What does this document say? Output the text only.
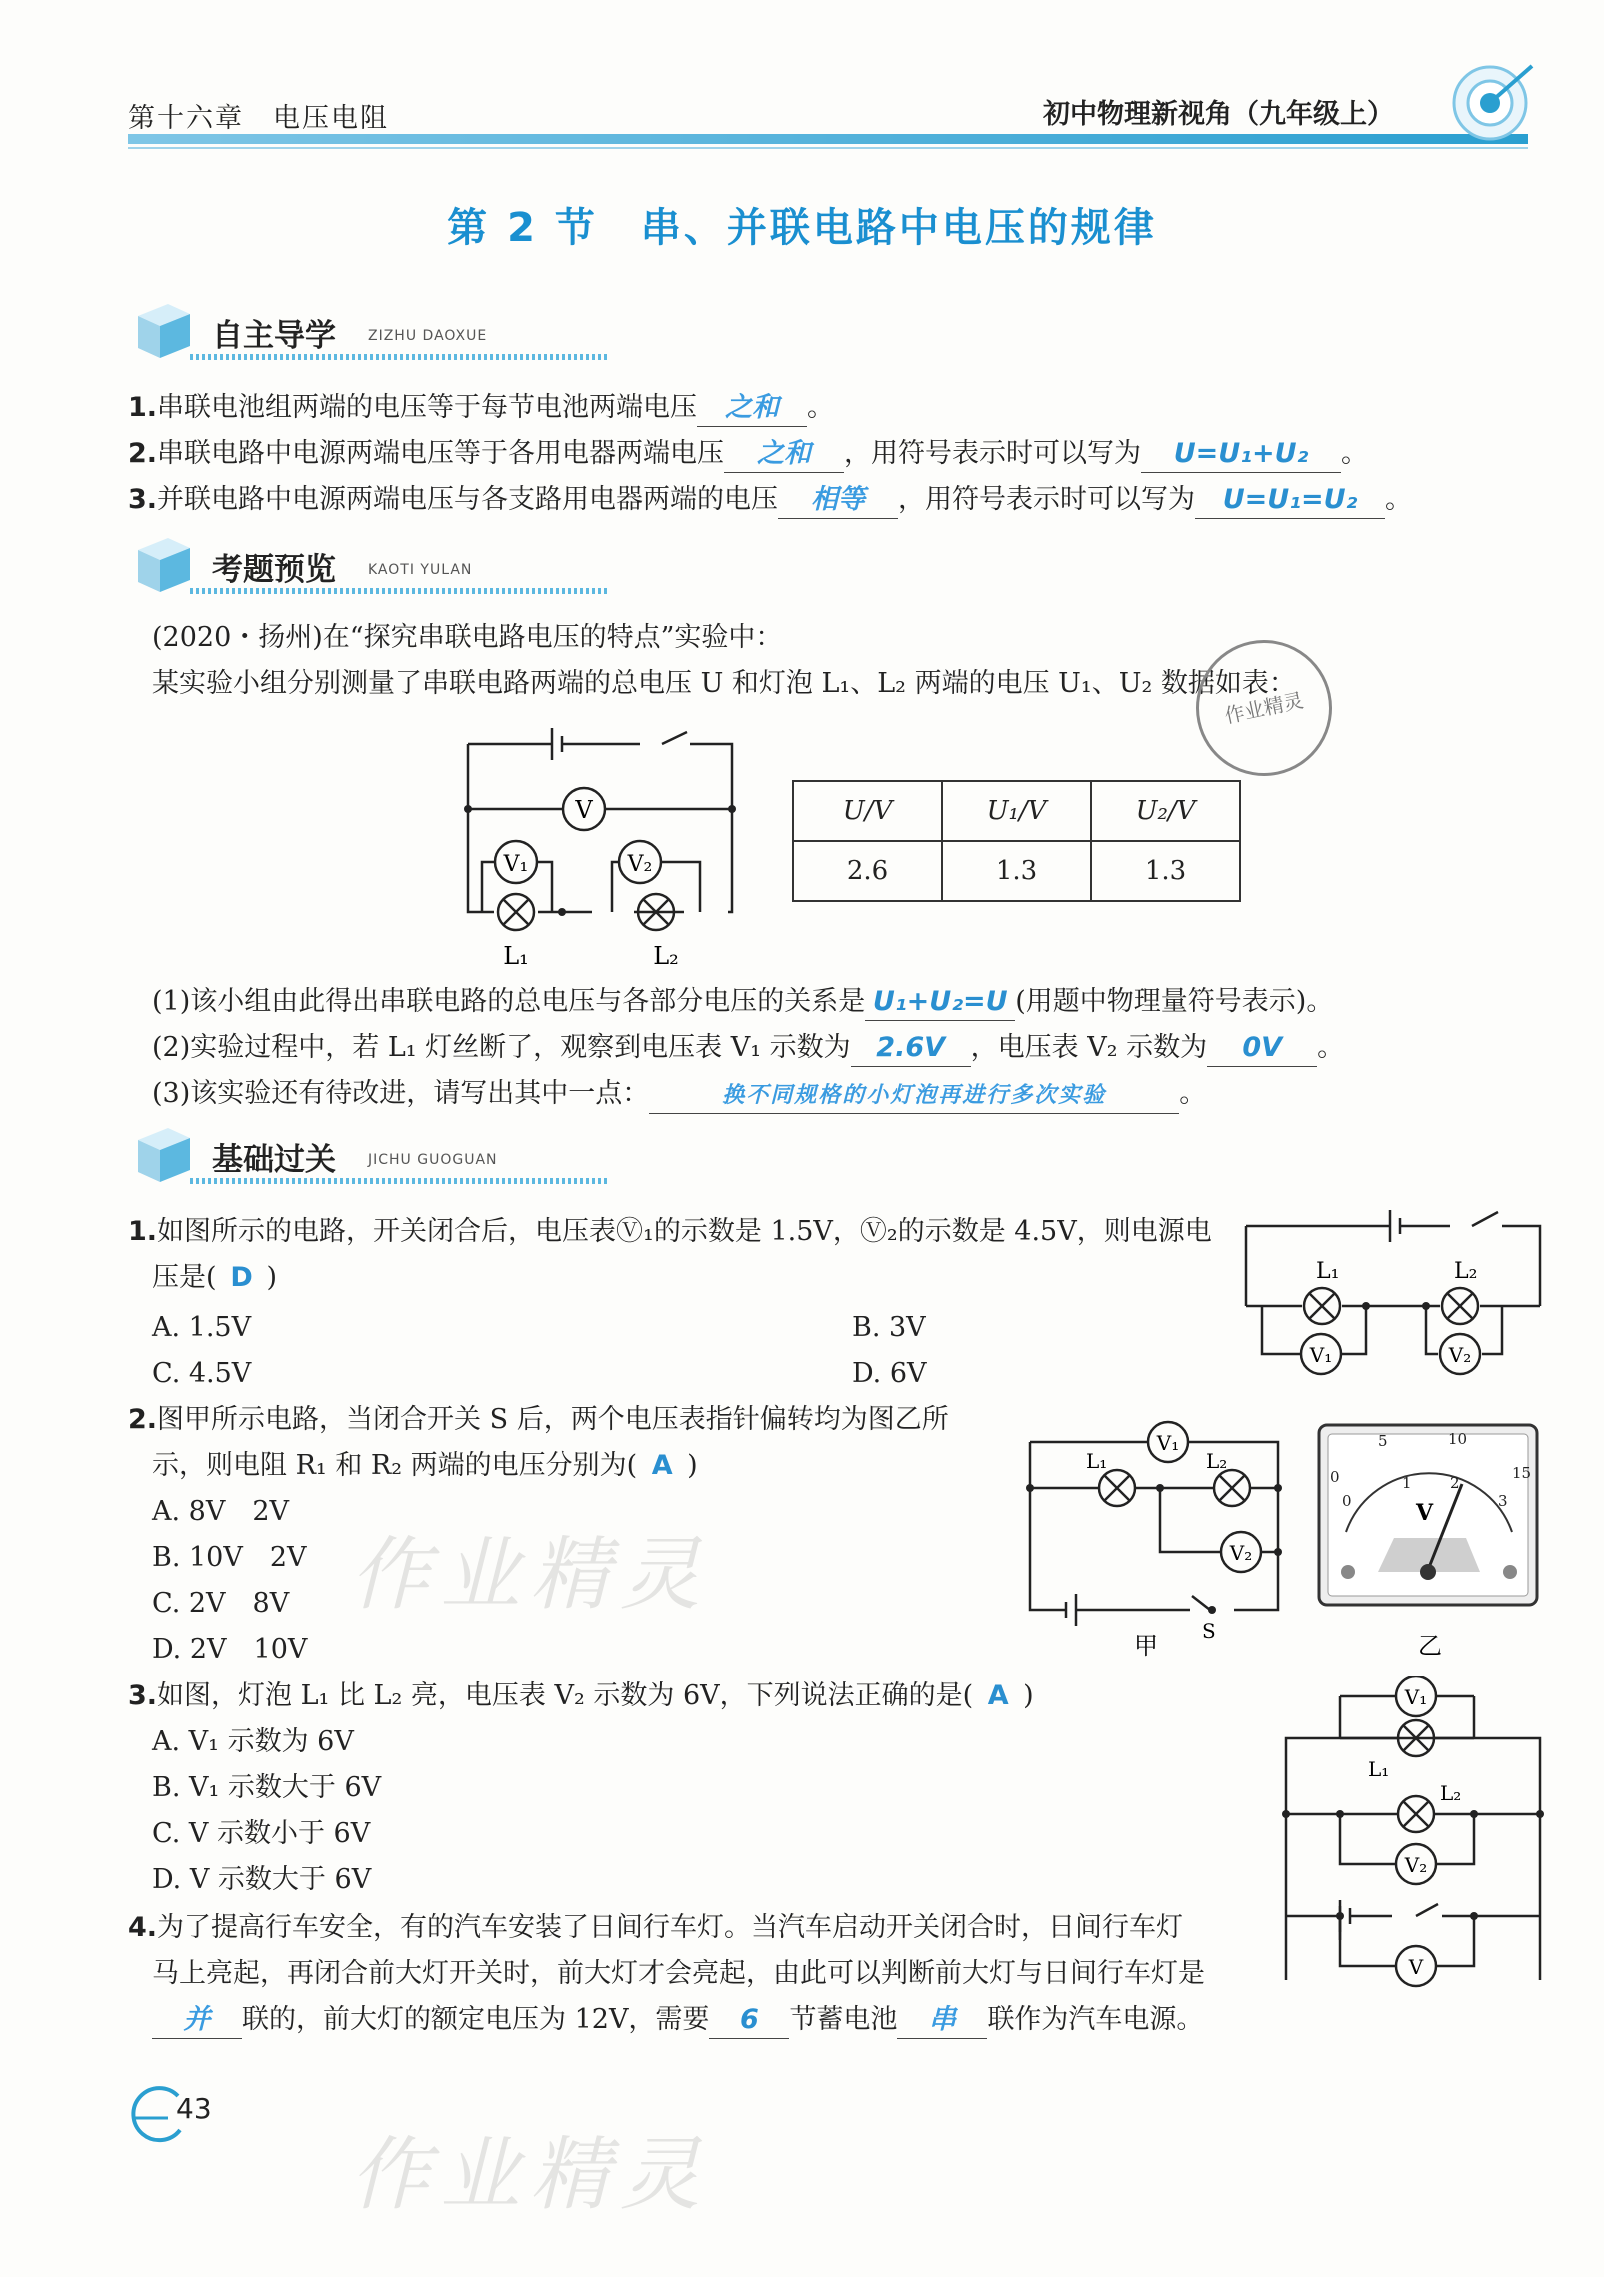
第十六章　电压电阻	初中物理新视角（九年级上）
第 2 节　串、并联电路中电压的规律
自主导学 ZIZHU DAOXUE
1.串联电池组两端的电压等于每节电池两端电压 之和 。
2.串联电路中电源两端电压等于各用电器两端电压 之和 ，用符号表示时可以写为 U=U₁+U₂ 。
3.并联电路中电源两端电压与各支路用电器两端的电压 相等 ，用符号表示时可以写为 U=U₁=U₂ 。
考题预览 KAOTI YULAN
(2020・扬州)在“探究串联电路电压的特点”实验中：
某实验小组分别测量了串联电路两端的总电压 U 和灯泡 L₁、L₂ 两端的电压 U₁、U₂ 数据如表：
作业精灵
V
V₁	V₂
L₁	L₂
U/V	U₁/V	U₂/V
2.6	1.3	1.3
(1)该小组由此得出串联电路的总电压与各部分电压的关系是 U₁+U₂=U (用题中物理量符号表示)。
(2)实验过程中，若 L₁ 灯丝断了，观察到电压表 V₁ 示数为 2.6V ，电压表 V₂ 示数为 0V 。
(3)该实验还有待改进，请写出其中一点：	换不同规格的小灯泡再进行多次实验	。
基础过关 JICHU GUOGUAN
1.如图所示的电路，开关闭合后，电压表Ⓥ₁的示数是 1.5V，Ⓥ₂的示数是 4.5V，则电源电
压是( D )
A. 1.5V	B. 3V
C. 4.5V	D. 6V
L₁	L₂
V₁	V₂
2.图甲所示电路，当闭合开关 S 后，两个电压表指针偏转均为图乙所
示，则电阻 R₁ 和 R₂ 两端的电压分别为( A )
A. 8V　2V
B. 10V　2V
C. 2V　8V
D. 2V　10V
V₁
V₂
L₁	L₂
S
甲
0
5	10
15
0
1	2
3
V
乙
3.如图，灯泡 L₁ 比 L₂ 亮，电压表 V₂ 示数为 6V，下列说法正确的是( A )
A. V₁ 示数为 6V
B. V₁ 示数大于 6V
C. V 示数小于 6V
D. V 示数大于 6V
V₁
V₂
V
L₁
L₂
4.为了提高行车安全，有的汽车安装了日间行车灯。当汽车启动开关闭合时，日间行车灯
马上亮起，再闭合前大灯开关时，前大灯才会亮起，由此可以判断前大灯与日间行车灯是
并 联的，前大灯的额定电压为 12V，需要 6 节蓄电池 串 联作为汽车电源。
作业精灵
作业精灵
43
